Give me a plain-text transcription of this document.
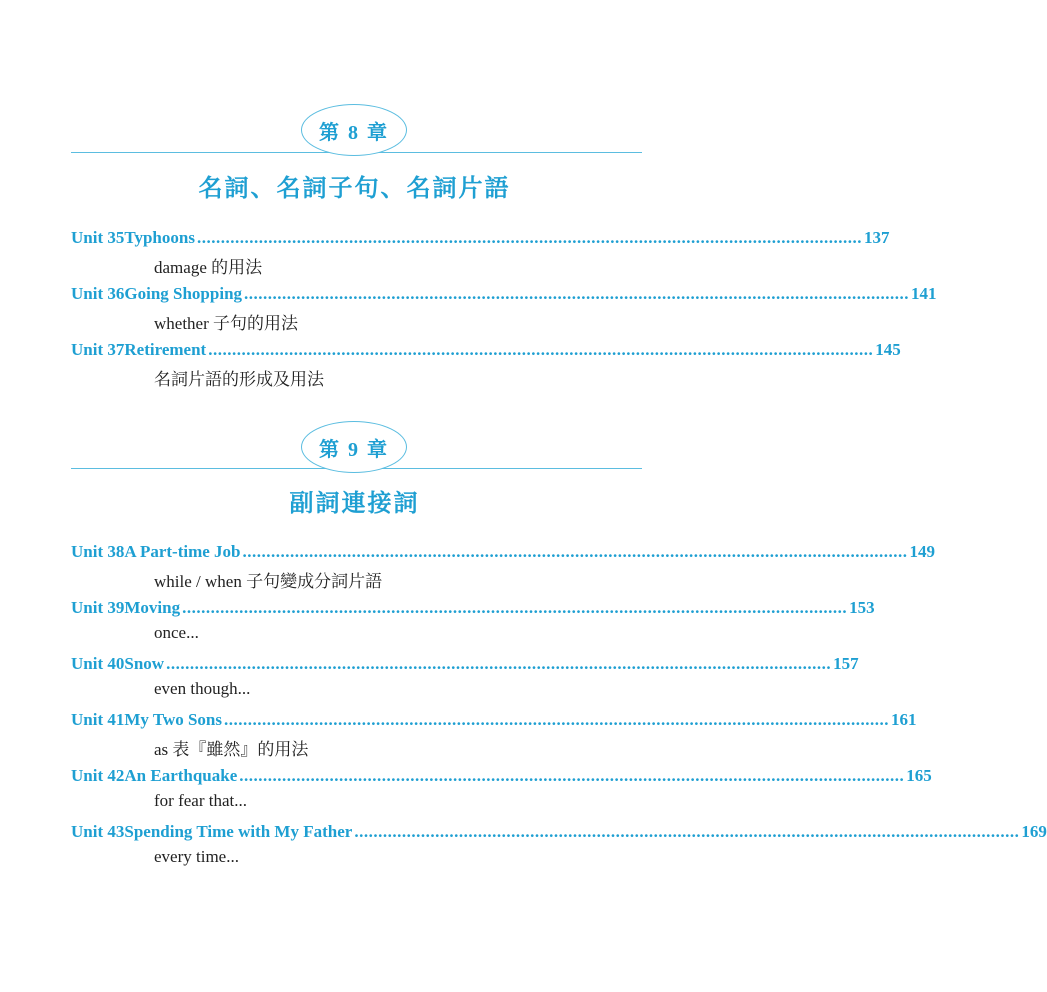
第 8 章
名詞、名詞子句、名詞片語
Unit 35 Typhoons ............................................................................................................................................ 137
damage 的用法
Unit 36 Going Shopping ............................................................................................................................................ 141
whether 子句的用法
Unit 37 Retirement ............................................................................................................................................ 145
名詞片語的形成及用法
第 9 章
副詞連接詞
Unit 38 A Part-time Job ............................................................................................................................................ 149
while / when 子句變成分詞片語
Unit 39 Moving ............................................................................................................................................ 153
once...
Unit 40 Snow ............................................................................................................................................ 157
even though...
Unit 41 My Two Sons ............................................................................................................................................ 161
as 表『雖然』的用法
Unit 42 An Earthquake ............................................................................................................................................ 165
for fear that...
Unit 43 Spending Time with My Father ............................................................................................................................................ 169
every time...
